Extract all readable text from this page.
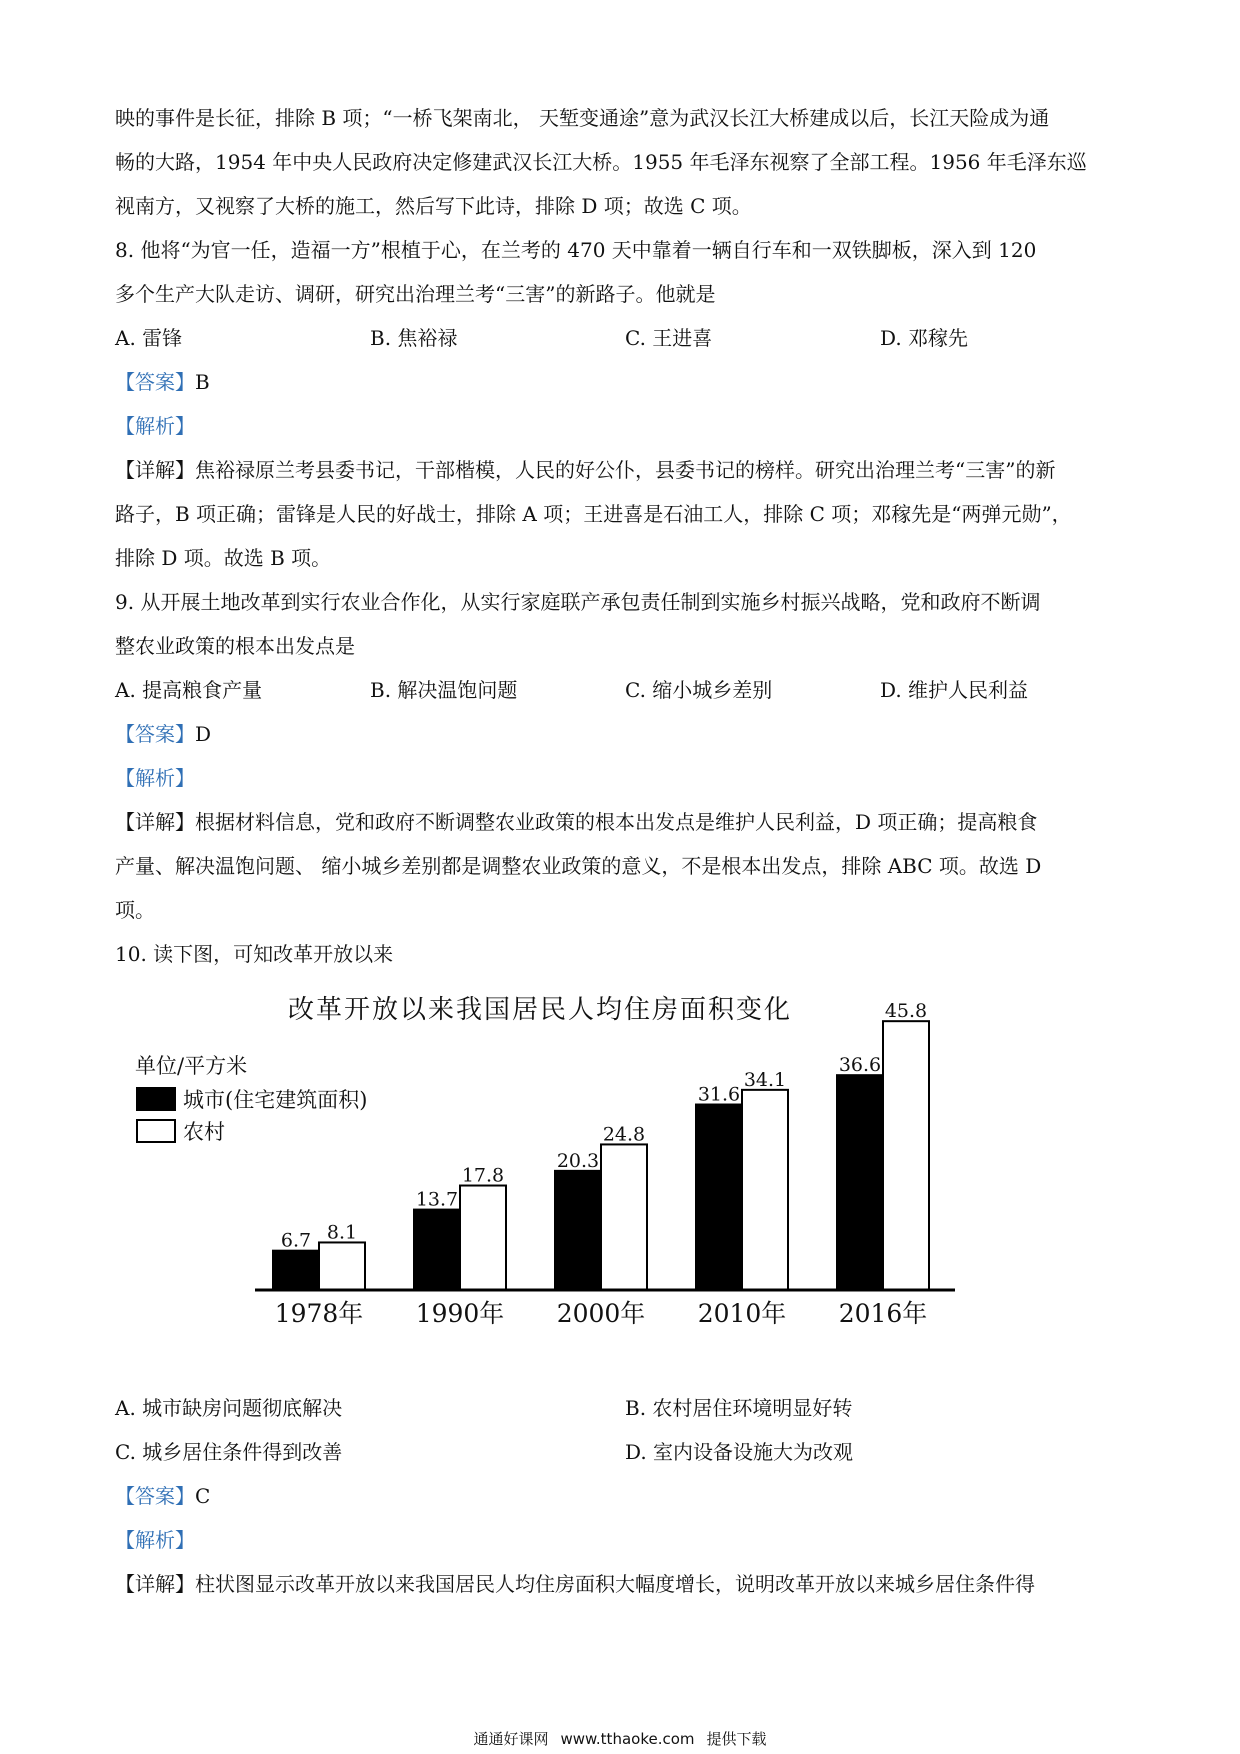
映的事件是长征，排除 B 项；“一桥飞架南北， 天堑变通途”意为武汉长江大桥建成以后，长江天险成为通
畅的大路，1954 年中央人民政府决定修建武汉长江大桥。1955 年毛泽东视察了全部工程。1956 年毛泽东巡
视南方，又视察了大桥的施工，然后写下此诗，排除 D 项；故选 C 项。
8. 他将“为官一任，造福一方”根植于心，在兰考的 470 天中靠着一辆自行车和一双铁脚板，深入到 120
多个生产大队走访、调研，研究出治理兰考“三害”的新路子。他就是
A. 雷锋	B. 焦裕禄	C. 王进喜	D. 邓稼先
【答案】B
【解析】
【详解】焦裕禄原兰考县委书记，干部楷模，人民的好公仆，县委书记的榜样。研究出治理兰考“三害”的新
路子，B 项正确；雷锋是人民的好战士，排除 A 项；王进喜是石油工人，排除 C 项；邓稼先是“两弹元勋”，
排除 D 项。故选 B 项。
9. 从开展土地改革到实行农业合作化，从实行家庭联产承包责任制到实施乡村振兴战略，党和政府不断调
整农业政策的根本出发点是
A. 提高粮食产量	B. 解决温饱问题	C. 缩小城乡差别	D. 维护人民利益
【答案】D
【解析】
【详解】根据材料信息，党和政府不断调整农业政策的根本出发点是维护人民利益，D 项正确；提高粮食
产量、解决温饱问题、 缩小城乡差别都是调整农业政策的意义，不是根本出发点，排除 ABC 项。故选 D
项。
10. 读下图，可知改革开放以来
改革开放以来我国居民人均住房面积变化
单位/平方米
城市(住宅建筑面积)
农村
6.7 8.1
13.7
17.8
20.3
24.8
31.6
34.1
36.6
45.8
1978年 1990年 2000年 2010年 2016年
A. 城市缺房问题彻底解决	B. 农村居住环境明显好转
C. 城乡居住条件得到改善	D. 室内设备设施大为改观
【答案】C
【解析】
【详解】柱状图显示改革开放以来我国居民人均住房面积大幅度增长，说明改革开放以来城乡居住条件得
通通好课网 www.tthaoke.com 提供下载
